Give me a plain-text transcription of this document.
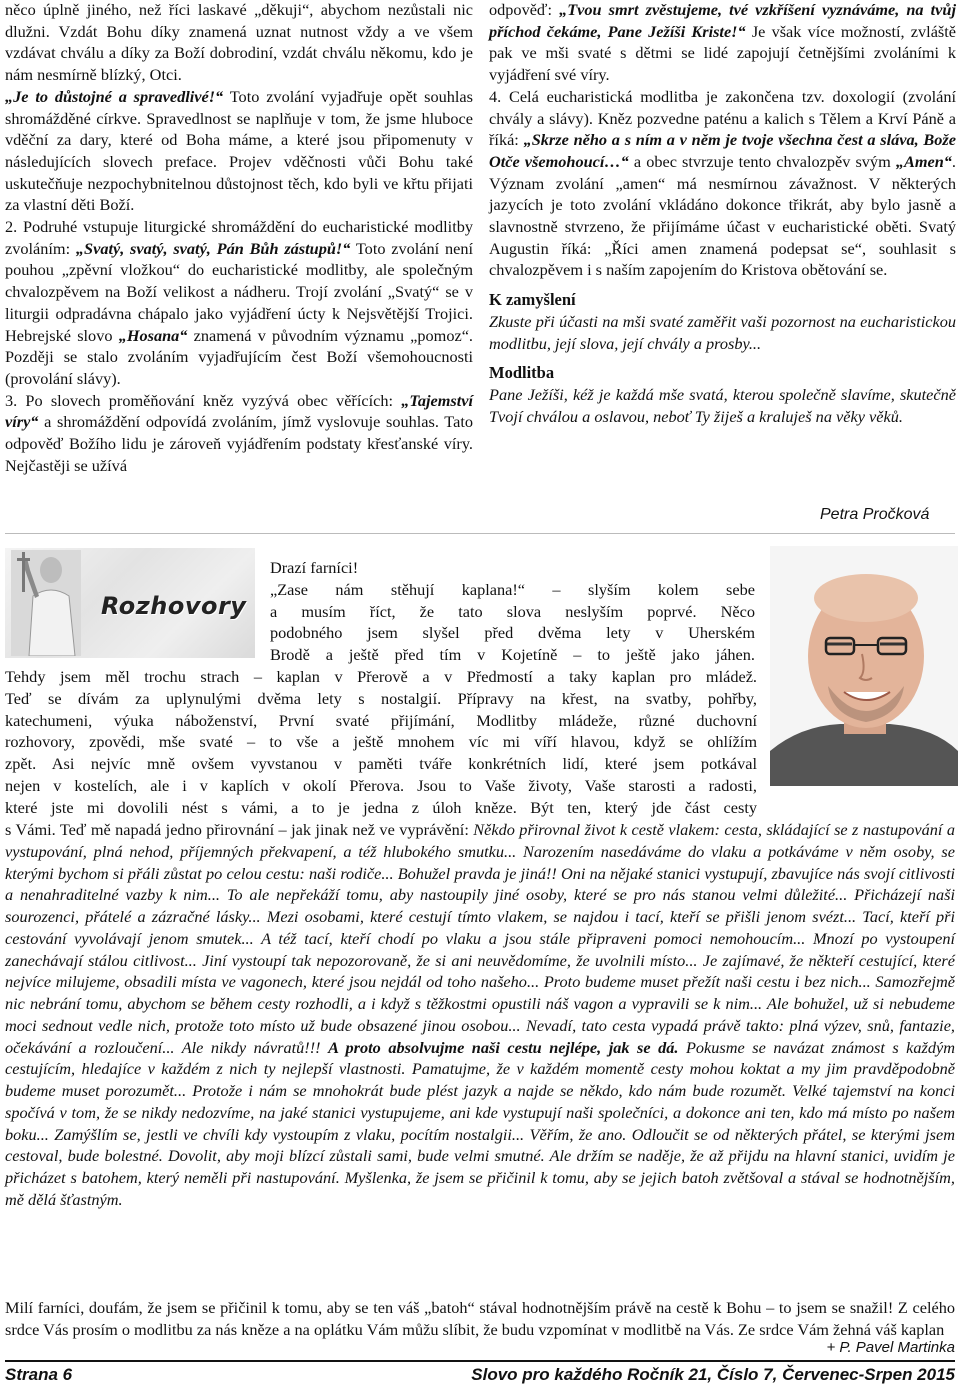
něco úplně jiného, než říci laskavé „děkuji“, abychom nezůstali nic dlužni. Vzdát Bohu díky znamená uznat nutnost vždy a ve všem vzdávat chválu a díky za Boží dobrodiní, vzdát chválu někomu, kdo je nám nesmírně blízký, Otci.

„Je to důstojné a spravedlivé!“ Toto zvolání vyjadřuje opět souhlas shromážděné církve. Spravedlnost se naplňuje v tom, že jsme hluboce vděční za dary, které od Boha máme, a které jsou připomenuty v následujících slovech preface. Projev vděčnosti vůči Bohu také uskutečňuje nezpochybnitelnou důstojnost těch, kdo byli ve křtu přijati za vlastní děti Boží.

2. Podruhé vstupuje liturgické shromáždění do eucharistické modlitby zvoláním: „Svatý, svatý, svatý, Pán Bůh zástupů!“ Toto zvolání není pouhou „zpěvní vložkou“ do eucharistické modlitby, ale společným chvalozpěvem na Boží velikost a nádheru. Trojí zvolání „Svatý“ se v liturgii odpradávna chápalo jako vyjádření úcty k Nejsvětější Trojici. Hebrejské slovo „Hosana“ znamená v původním významu „pomoz“. Později se stalo zvoláním vyjadřujícím čest Boží všemohoucnosti (provolání slávy).

3. Po slovech proměňování kněz vyzývá obec věřících: „Tajemství víry“ a shromáždění odpovídá zvoláním, jímž vyslovuje souhlas. Tato odpověď Božího lidu je zároveň vyjádřením podstaty křesťanské víry. Nejčastěji se užívá

odpověď: „Tvou smrt zvěstujeme, tvé vzkříšení vyznáváme, na tvůj příchod čekáme, Pane Ježíši Kriste!“ Je však více možností, zvláště pak ve mši svaté s dětmi se lidé zapojují četnějšími zvoláními k vyjádření své víry.

4. Celá eucharistická modlitba je zakončena tzv. doxologií (zvolání chvály a slávy). Kněz pozvedne paténu a kalich s Tělem a Krví Páně a říká: „Skrze něho a s ním a v něm je tvoje všechna čest a sláva, Bože Otče všemohoucí…“ a obec stvrzuje tento chvalozpěv svým „Amen“. Význam zvolání „amen“ má nesmírnou závažnost. V některých jazycích je toto zvolání vkládáno dokonce třikrát, aby bylo jasně a slavnostně stvrzeno, že přijímáme účast v eucharistické oběti. Svatý Augustin říká: „Říci amen znamená podepsat se“, souhlasit s chvalozpěvem i s naším zapojením do Kristova obětování se.

K zamyšlení

Zkuste při účasti na mši svaté zaměřit vaši pozornost na eucharistickou modlitbu, její slova, její chvály a prosby...

Modlitba

Pane Ježíši, kéž je každá mše svatá, kterou společně slavíme, skutečně Tvojí chválou a oslavou, neboť Ty žiješ a kraluješ na věky věků.

Petra Pročková
Rozhovory
Drazí farníci!
„Zase nám stěhují kaplana!“ – slyším kolem sebe
a musím říct, že tato slova neslyším poprvé. Něco
podobného jsem slyšel před dvěma lety v Uherském
Brodě a ještě před tím v Kojetíně – to ještě jako jáhen.
Tehdy jsem měl trochu strach – kaplan v Přerově a v Předmostí a taky kaplan pro mládež.
Teď se dívám za uplynulými dvěma lety s nostalgií. Přípravy na křest, na svatby, pohřby,
katechumeni, výuka náboženství, První svaté přijímání, Modlitby mládeže, různé duchovní
rozhovory, zpovědi, mše svaté – to vše a ještě mnohem víc mi víří hlavou, když se ohlížím
zpět. Asi nejvíc mně ovšem vyvstanou v paměti tváře konkrétních lidí, které jsem potkával
nejen v kostelích, ale i v kaplích v okolí Přerova. Jsou to Vaše životy, Vaše starosti a radosti,
které jste mi dovolili nést s vámi, a to je jedna z úloh kněze. Být ten, který jde část cesty

s Vámi. Teď mě napadá jedno přirovnání – jak jinak než ve vyprávění: Někdo přirovnal život k cestě vlakem: cesta, skládající se z nastupování a vystupování, plná nehod, příjemných překvapení, a též hlubokého smutku... Narozením nasedáváme do vlaku a potkáváme v něm osoby, se kterými bychom si přáli zůstat po celou cestu: naši rodiče... Bohužel pravda je jiná!! Oni na nějaké stanici vystupují, zbavujíce nás svojí citlivosti a nenahraditelné vazby k nim... To ale nepřekáží tomu, aby nastoupily jiné osoby, které se pro nás stanou velmi důležité... Přicházejí naši sourozenci, přátelé a zázračné lásky... Mezi osobami, které cestují tímto vlakem, se najdou i tací, kteří se přišli jenom svézt... Tací, kteří při cestování vyvolávají jenom smutek... A též tací, kteří chodí po vlaku a jsou stále připraveni pomoci nemohoucím... Mnozí po vystoupení zanechávají stálou citlivost... Jiní vystoupí tak nepozorovaně, že si ani neuvědomíme, že uvolnili místo... Je zajímavé, že někteří cestující, které nejvíce milujeme, obsadili místa ve vagonech, které jsou nejdál od toho našeho... Proto budeme muset přežít naši cestu i bez nich... Samozřejmě nic nebrání tomu, abychom se během cesty rozhodli, a i když s těžkostmi opustili náš vagon a vypravili se k nim... Ale bohužel, už si nebudeme moci sednout vedle nich, protože toto místo už bude obsazené jinou osobou... Nevadí, tato cesta vypadá právě takto: plná výzev, snů, fantazie, očekávání a rozloučení... Ale nikdy návratů!!! A proto absolvujme naši cestu nejlépe, jak se dá. Pokusme se navázat známost s každým cestujícím, hledajíce v každém z nich ty nejlepší vlastnosti. Pamatujme, že v každém momentě cesty mohou koktat a my jim pravděpodobně budeme muset porozumět... Protože i nám se mnohokrát bude plést jazyk a najde se někdo, kdo nám bude rozumět. Velké tajemství na konci spočívá v tom, že se nikdy nedozvíme, na jaké stanici vystupujeme, ani kde vystupují naši společníci, a dokonce ani ten, kdo má místo po našem boku... Zamýšlím se, jestli ve chvíli kdy vystoupím z vlaku, pocítím nostalgii... Věřím, že ano. Odloučit se od některých přátel, se kterými jsem cestoval, bude bolestné. Dovolit, aby moji blízcí zůstali sami, bude velmi smutné. Ale držím se naděje, že až přijdu na hlavní stanici, uvidím je přicházet s batohem, který neměli při nastupování. Myšlenka, že jsem se přičinil k tomu, aby se jejich batoh zvětšoval a stával se hodnotnějším, mě dělá šťastným.

Milí farníci, doufám, že jsem se přičinil k tomu, aby se ten váš „batoh“ stával hodnotnějším právě na cestě k Bohu – to jsem se snažil! Z celého srdce Vás prosím o modlitbu za nás kněze a na oplátku Vám můžu slíbit, že budu vzpomínat v modlitbě na Vás. Ze srdce Vám žehná váš kaplan

+ P. Pavel Martinka
Strana 6	Slovo pro každého Ročník 21, Číslo 7, Červenec-Srpen 2015
